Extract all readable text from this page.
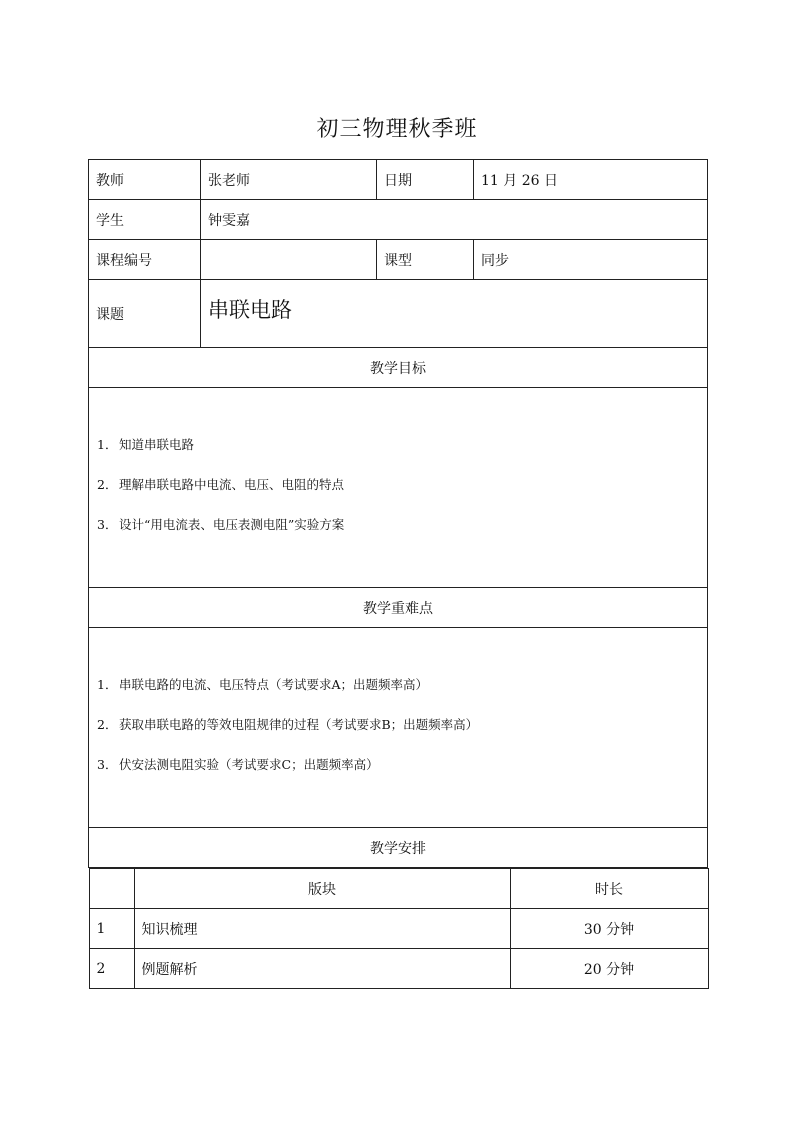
初三物理秋季班
教师	张老师	日期	11 月 26 日
学生	钟雯嘉
课程编号		课型	同步
课题	串联电路
教学目标

1． 知道串联电路
2． 理解串联电路中电流、电压、电阻的特点
3． 设计“用电流表、电压表测电阻”实验方案

教学重难点

1． 串联电路的电流、电压特点（考试要求A；出题频率高）
2． 获取串联电路的等效电阻规律的过程（考试要求B；出题频率高）
3． 伏安法测电阻实验（考试要求C；出题频率高）

教学安排

	版块	时长
1	知识梳理	30 分钟
2	例题解析	20 分钟
